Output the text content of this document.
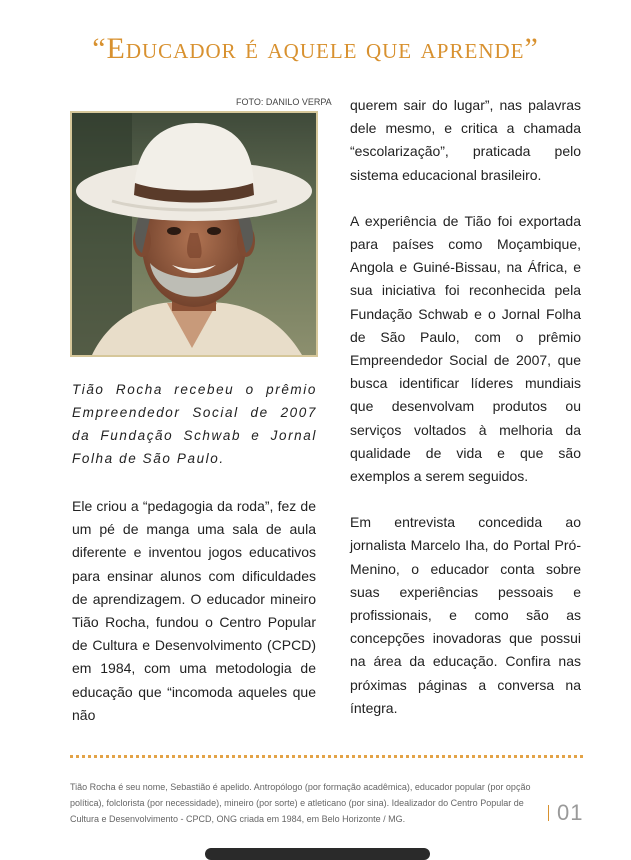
“Educador é aquele que aprende”
FOTO: DANILO VERPA
Tião Rocha recebeu o prêmio Empreendedor Social de 2007 da Fundação Schwab e Jornal Folha de São Paulo.

Ele criou a “pedagogia da roda”, fez de um pé de manga uma sala de aula diferente e inventou jogos educativos para ensinar alunos com dificuldades de aprendizagem. O educador mineiro Tião Rocha, fundou o Centro Popular de Cultura e Desenvolvimento (CPCD) em 1984, com uma metodologia de educação que “incomoda aqueles que não

querem sair do lugar”, nas palavras dele mesmo, e critica a chamada “escolarização”, praticada pelo sistema educacional brasileiro.

A experiência de Tião foi exportada para países como Moçambique, Angola e Guiné-Bissau, na África, e sua iniciativa foi reconhecida pela Fundação Schwab e o Jornal Folha de São Paulo, com o prêmio Empreendedor Social de 2007, que busca identificar líderes mundiais que desenvolvam produtos ou serviços voltados à melhoria da qualidade de vida e que são exemplos a serem seguidos.

Em entrevista concedida ao jornalista Marcelo Iha, do Portal Pró-Menino, o educador conta sobre suas experiências pessoais e profissionais, e como são as concepções inovadoras que possui na área da educação. Confira nas próximas páginas a conversa na íntegra.

Tião Rocha é seu nome, Sebastião é apelido. Antropólogo (por formação acadêmica), educador popular (por opção política), folclorista (por necessidade), mineiro (por sorte) e atleticano (por sina). Idealizador do Centro Popular de Cultura e Desenvolvimento - CPCD, ONG criada em 1984, em Belo Horizonte / MG.	01
